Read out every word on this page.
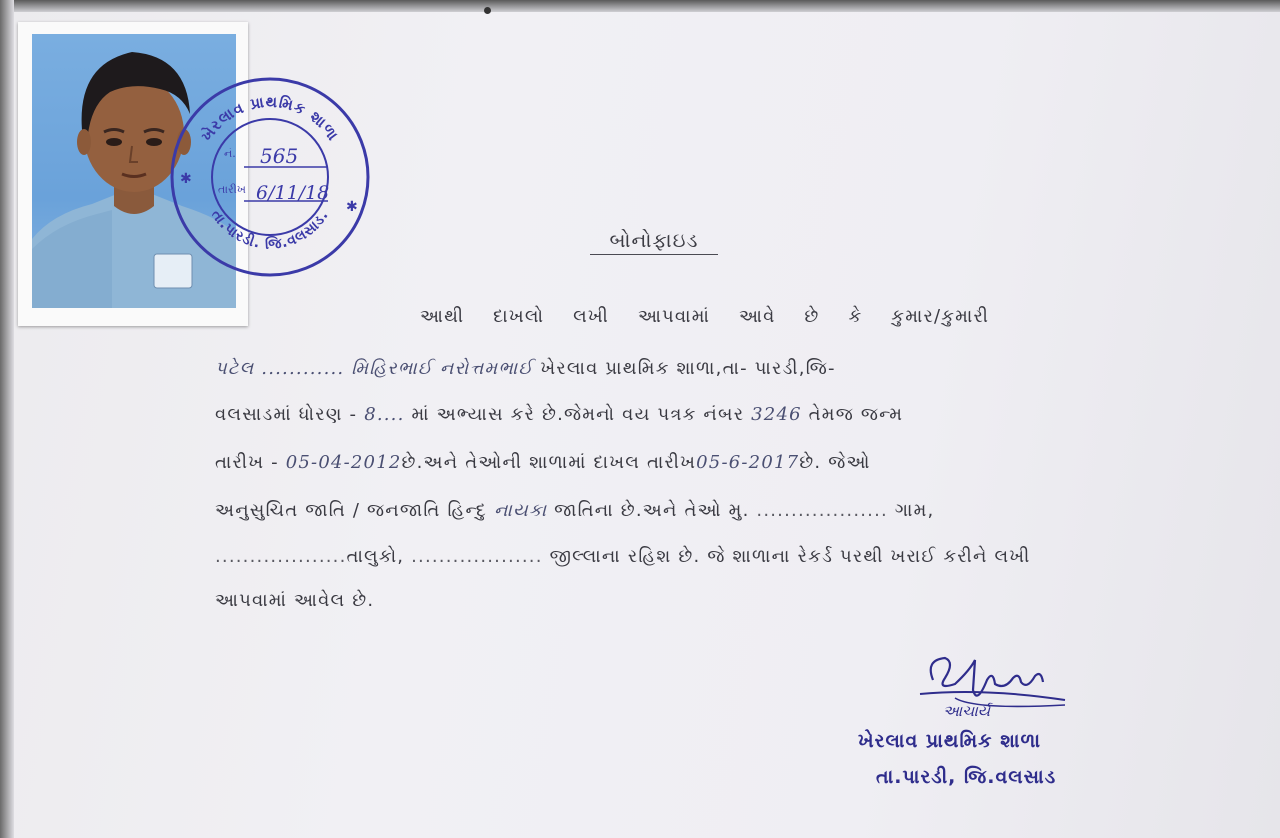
ખેરલાવ પ્રાથમિક શાળા
તા.પારડી. જિ.વલસાડ.
✱
✱
નં.
તારીખ
565
6/11/18
બોનોફાઇડ
આથી દાખલો લખી આપવામાં આવે છે કે કુમાર/કુમારી
પટેલ ............ મિહિરભાઈ નરોત્તમભાઈ ખેરલાવ પ્રાથમિક શાળા,તા- પારડી,જિ-
વલસાડમાં ધોરણ - 8.... માં અભ્યાસ કરે છે.જેમનો વય પત્રક નંબર 3246 તેમજ જન્મ
તારીખ - 05-04-2012છે.અને તેઓની શાળામાં દાખલ તારીખ05-6-2017છે. જેઓ
અનુસુચિત જાતિ / જનજાતિ હિન્દુ નાયકા જાતિના છે.અને તેઓ મુ. ................... ગામ,
...................તાલુકો, ................... જીલ્લાના રહિશ છે. જે શાળાના રેકર્ડ પરથી ખરાઈ કરીને લખી
આપવામાં આવેલ છે.
આચાર્ય
ખેરલાવ પ્રાથમિક શાળા
તા.પારડી, જિ.વલસાડ
